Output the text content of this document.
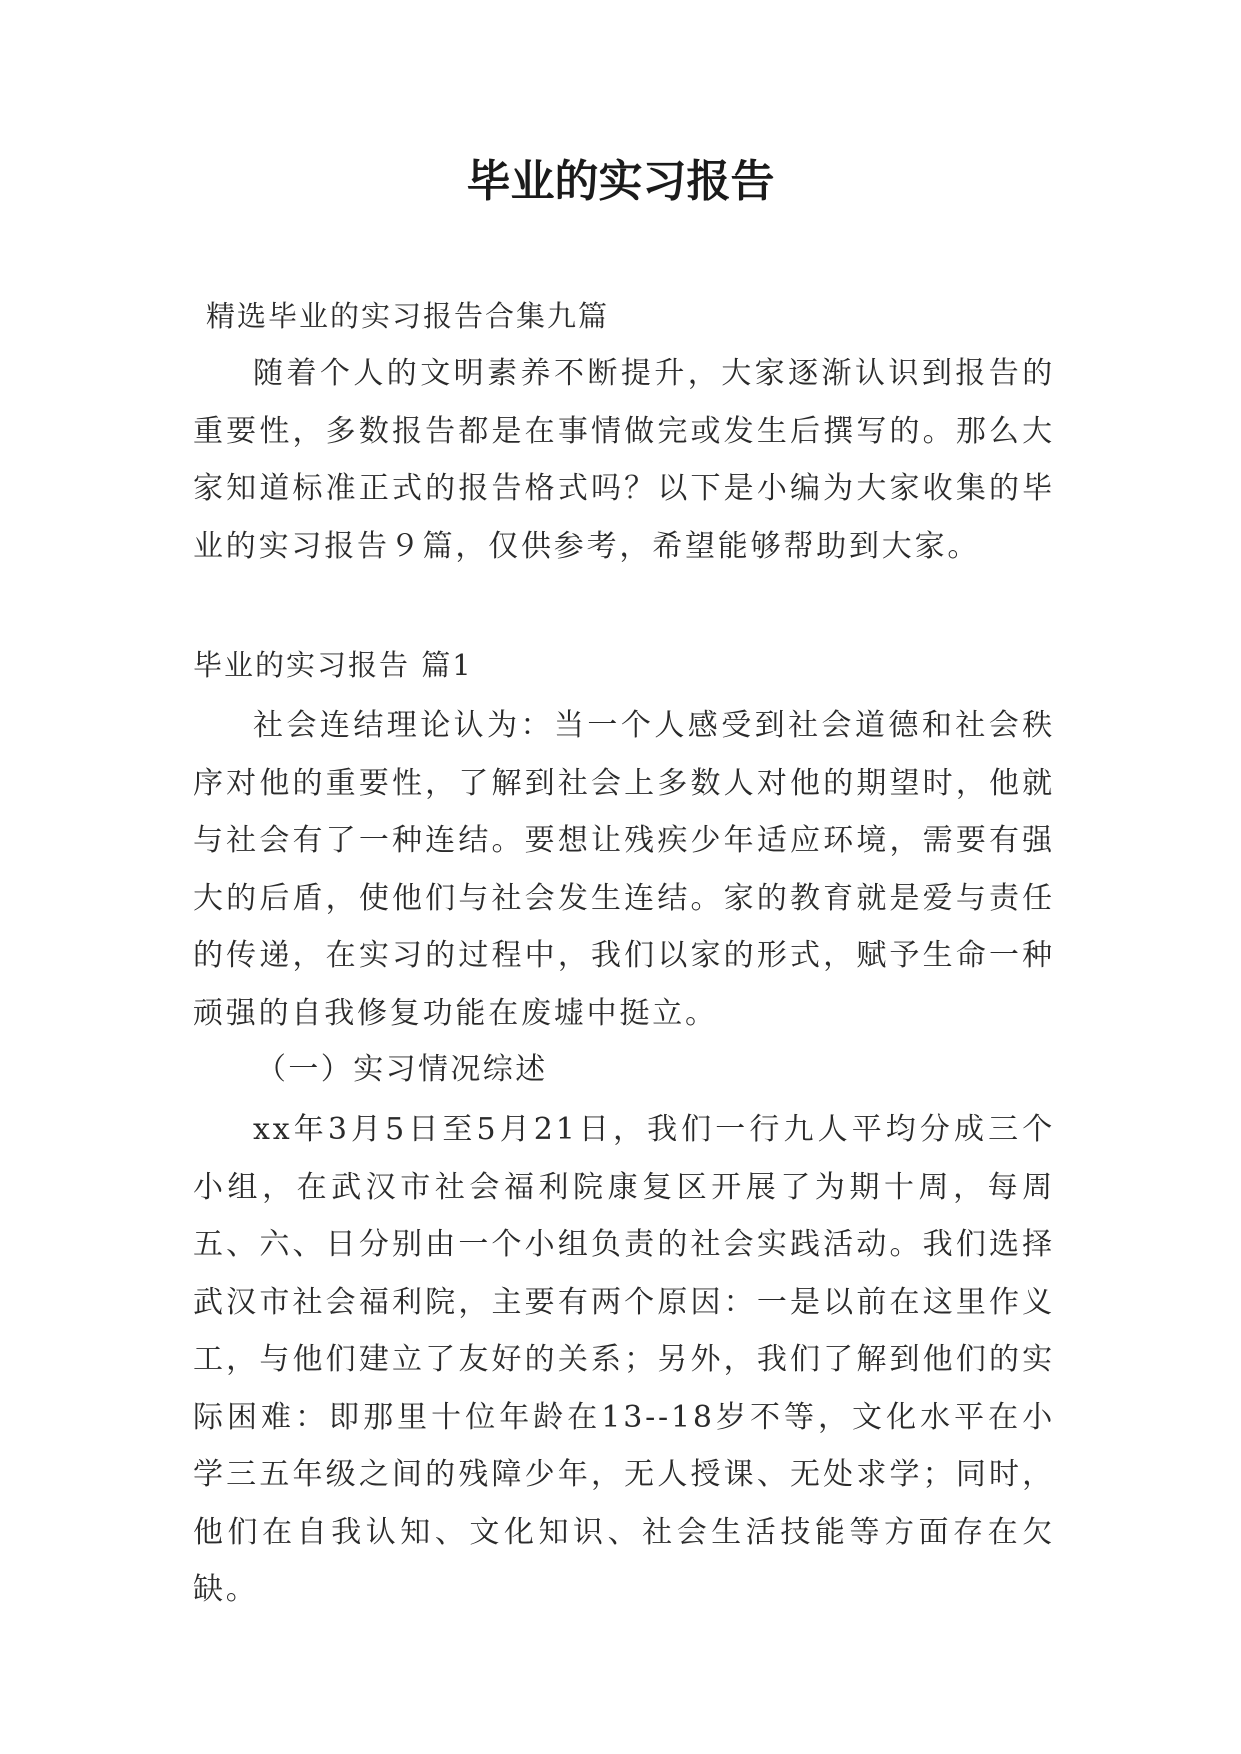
毕业的实习报告

精选毕业的实习报告合集九篇

随着个人的文明素养不断提升，大家逐渐认识到报告的重要性，多数报告都是在事情做完或发生后撰写的。那么大家知道标准正式的报告格式吗？以下是小编为大家收集的毕业的实习报告９篇，仅供参考，希望能够帮助到大家。

毕业的实习报告 篇1

社会连结理论认为：当一个人感受到社会道德和社会秩序对他的重要性，了解到社会上多数人对他的期望时，他就与社会有了一种连结。要想让残疾少年适应环境，需要有强大的后盾，使他们与社会发生连结。家的教育就是爱与责任的传递，在实习的过程中，我们以家的形式，赋予生命一种顽强的自我修复功能在废墟中挺立。

（一）实习情况综述

xx年3月5日至5月21日，我们一行九人平均分成三个小组，在武汉市社会福利院康复区开展了为期十周，每周五、六、日分别由一个小组负责的社会实践活动。我们选择武汉市社会福利院，主要有两个原因：一是以前在这里作义工，与他们建立了友好的关系；另外，我们了解到他们的实际困难：即那里十位年龄在13--18岁不等，文化水平在小学三五年级之间的残障少年，无人授课、无处求学；同时，他们在自我认知、文化知识、社会生活技能等方面存在欠缺。
